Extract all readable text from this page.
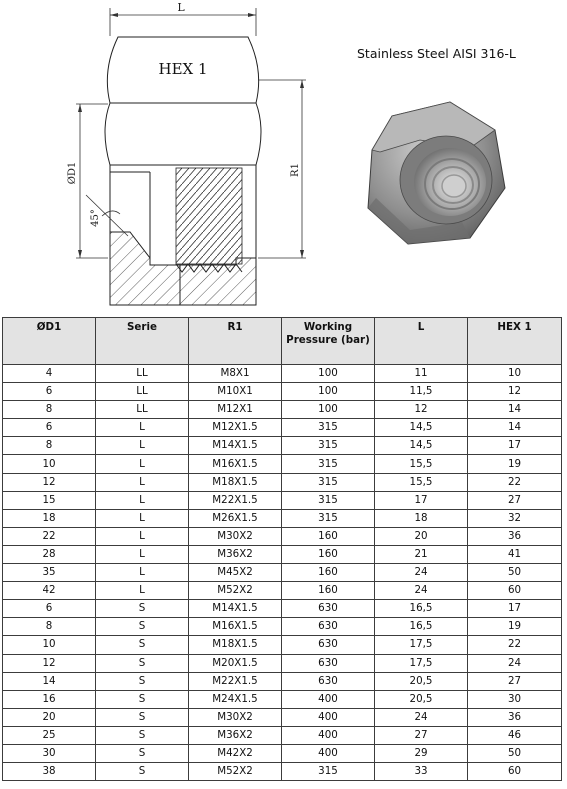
L
HEX 1
ØD1
45°
R1
Stainless Steel AISI 316-L
ØD1	Serie	R1	Working Pressure (bar)	L	HEX 1
4	LL	M8X1	100	11	10
6	LL	M10X1	100	11,5	12
8	LL	M12X1	100	12	14
6	L	M12X1.5	315	14,5	14
8	L	M14X1.5	315	14,5	17
10	L	M16X1.5	315	15,5	19
12	L	M18X1.5	315	15,5	22
15	L	M22X1.5	315	17	27
18	L	M26X1.5	315	18	32
22	L	M30X2	160	20	36
28	L	M36X2	160	21	41
35	L	M45X2	160	24	50
42	L	M52X2	160	24	60
6	S	M14X1.5	630	16,5	17
8	S	M16X1.5	630	16,5	19
10	S	M18X1.5	630	17,5	22
12	S	M20X1.5	630	17,5	24
14	S	M22X1.5	630	20,5	27
16	S	M24X1.5	400	20,5	30
20	S	M30X2	400	24	36
25	S	M36X2	400	27	46
30	S	M42X2	400	29	50
38	S	M52X2	315	33	60
